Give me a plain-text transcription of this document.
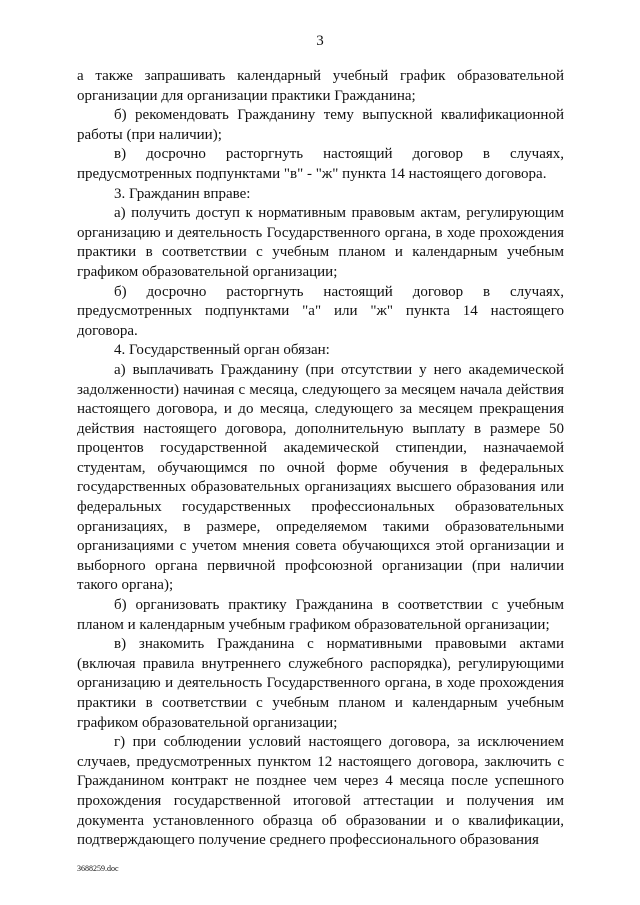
3

а также запрашивать календарный учебный график образовательной организации для организации практики Гражданина;

б) рекомендовать Гражданину тему выпускной квалификационной работы (при наличии);

в) досрочно расторгнуть настоящий договор в случаях, предусмотренных подпунктами "в" - "ж" пункта 14 настоящего договора.

3. Гражданин вправе:

а) получить доступ к нормативным правовым актам, регулирующим организацию и деятельность Государственного органа, в ходе прохождения практики в соответствии с учебным планом и календарным учебным графиком образовательной организации;

б) досрочно расторгнуть настоящий договор в случаях, предусмотренных подпунктами "а" или "ж" пункта 14 настоящего договора.

4. Государственный орган обязан:

а) выплачивать Гражданину (при отсутствии у него академической задолженности) начиная с месяца, следующего за месяцем начала действия настоящего договора, и до месяца, следующего за месяцем прекращения действия настоящего договора, дополнительную выплату в размере 50 процентов государственной академической стипендии, назначаемой студентам, обучающимся по очной форме обучения в федеральных государственных образовательных организациях высшего образования или федеральных государственных профессиональных образовательных организациях, в размере, определяемом такими образовательными организациями с учетом мнения совета обучающихся этой организации и выборного органа первичной профсоюзной организации (при наличии такого органа);

б) организовать практику Гражданина в соответствии с учебным планом и календарным учебным графиком образовательной организации;

в) знакомить Гражданина с нормативными правовыми актами (включая правила внутреннего служебного распорядка), регулирующими организацию и деятельность Государственного органа, в ходе прохождения практики в соответствии с учебным планом и календарным учебным графиком образовательной организации;

г) при соблюдении условий настоящего договора, за исключением случаев, предусмотренных пунктом 12 настоящего договора, заключить с Гражданином контракт не позднее чем через 4 месяца после успешного прохождения государственной итоговой аттестации и получения им документа установленного образца об образовании и о квалификации, подтверждающего получение среднего профессионального образования

3688259.doc
